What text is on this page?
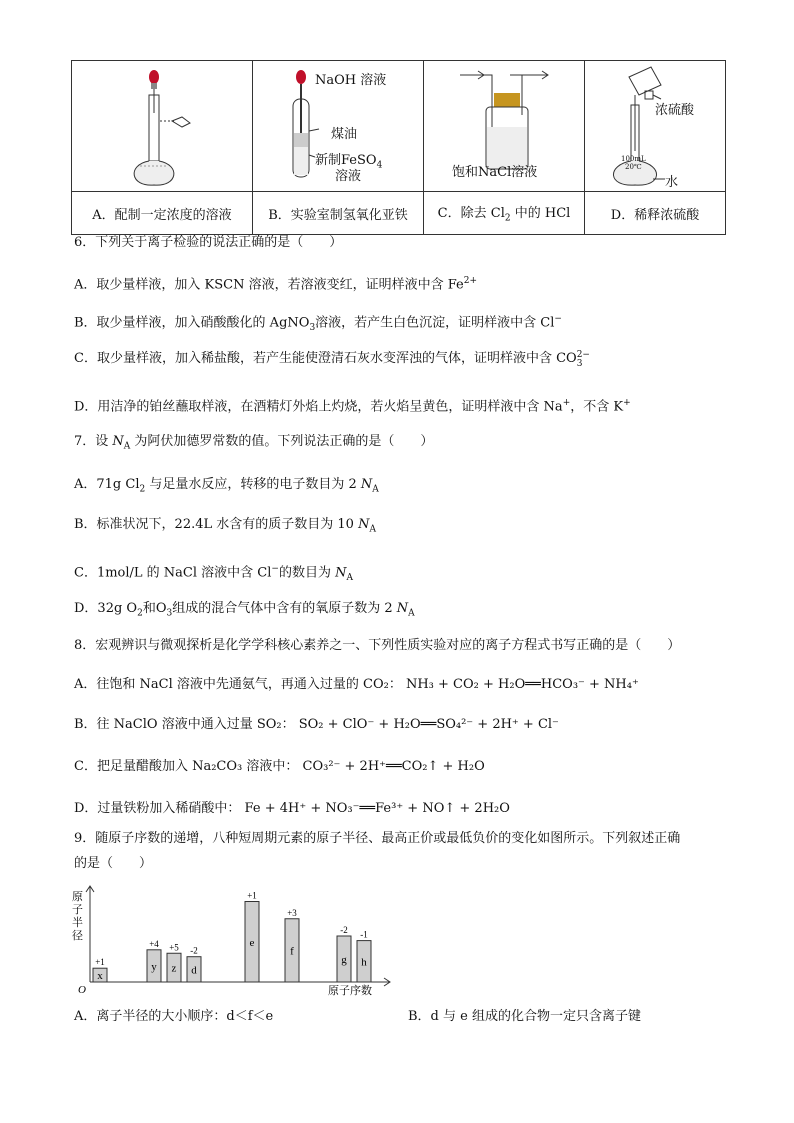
NaOH 溶液
煤油
新制FeSO$_4$
溶液	饱和NaCl溶液	浓硫酸
100mL
20℃
水

A．配制一定浓度的溶液	B．实验室制氢氧化亚铁	C．除去 $Cl_2$ 中的 HCl	D．稀释浓硫酸
6．下列关于离子检验的说法正确的是（　　）
A．取少量样液，加入 KSCN 溶液，若溶液变红，证明样液中含 $Fe^{2+}$
B．取少量样液，加入硝酸酸化的 AgNO$_3$溶液，若产生白色沉淀，证明样液中含 Cl−
C．取少量样液，加入稀盐酸，若产生能使澄清石灰水变浑浊的气体，证明样液中含 CO2−
3
D．用洁净的铂丝蘸取样液，在酒精灯外焰上灼烧，若火焰呈黄色，证明样液中含 Na+，不含 K+
7．设 $N_A$ 为阿伏加德罗常数的值。下列说法正确的是（　　）
A．71g $Cl_2$ 与足量水反应，转移的电子数目为 2 $N_A$
B．标准状况下，22.4L 水含有的质子数目为 10 $N_A$
C．1mol/L 的 NaCl 溶液中含 Cl−的数目为 $N_A$
D．32g $O_2$和$O_3$组成的混合气体中含有的氧原子数为 2 $N_A$
8．宏观辨识与微观探析是化学学科核心素养之一、下列性质实验对应的离子方程式书写正确的是（　　）
A．往饱和 NaCl 溶液中先通氨气，再通入过量的 CO₂： NH₃ + CO₂ + H₂O══HCO₃⁻ + NH₄⁺
B．往 NaClO 溶液中通入过量 SO₂： SO₂ + ClO⁻ + H₂O══SO₄²⁻ + 2H⁺ + Cl⁻
C．把足量醋酸加入 Na₂CO₃ 溶液中： CO₃²⁻ + 2H⁺══CO₂↑ + H₂O
D．过量铁粉加入稀硝酸中： Fe + 4H⁺ + NO₃⁻══Fe³⁺ + NO↑ + 2H₂O
9．随原子序数的递增，八种短周期元素的原子半径、最高正价或最低负价的变化如图所示。下列叙述正确
的是（　　）
O	原子序数
原
子
半
径
x
+1	y
+4
z
+5
d
-2
e
+1
f
+3
g
-2
h
-1
A．离子半径的大小顺序：d＜f＜e	B．d 与 e 组成的化合物一定只含离子键
